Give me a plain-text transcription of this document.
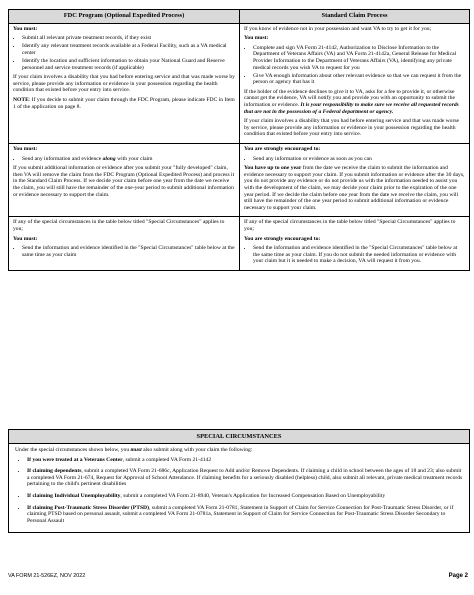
FDC Program (Optional Expedited Process)	Standard Claim Process

You must:

• Submit all relevant private treatment records, if they exist
• Identify any relevant treatment records available at a Federal Facility, such as a VA medical center
• Identify the location and sufficient information to obtain your National Guard and Reserve personnel and service treatment records (if applicable)

If your claim involves a disability that you had before entering service and that was made worse by service, please provide any information or evidence in your possession regarding the health condition that existed before your entry into service.

NOTE: If you decide to submit your claim through the FDC Program, please indicate FDC in Item 1 of the application on page 8.

If you know of evidence not in your possession and want VA to try to get it for you;

You must:

• Complete and sign VA Form 21-4142, Authorization to Disclose Information to the Department of Veterans Affairs (VA) and VA Form 21-4142a, General Release for Medical Provider Information to the Department of Veterans Affairs (VA), identifying any private medical records you wish VA to request for you
• Give VA enough information about other relevant evidence so that we can request it from the person or agency that has it

If the holder of the evidence declines to give it to VA, asks for a fee to provide it, or otherwise cannot get the evidence, VA will notify you and provide you with an opportunity to submit the information or evidence. It is your responsibility to make sure we receive all requested records that are not in the possession of a Federal department or agency.

If your claim involves a disability that you had before entering service and that was made worse by service, please provide any information or evidence in your possession regarding the health condition that existed before your entry into service.

You must:

• Send any information and evidence along with your claim

If you submit additional information or evidence after you submit your "fully developed" claim, then VA will remove the claim from the FDC Program (Optional Expedited Process) and process it in the Standard Claim Process. If we decide your claim before one year from the date we receive the claim, you will still have the remainder of the one-year period to submit additional information or evidence necessary to support the claim.

You are strongly encouraged to:

• Send any information or evidence as soon as you can

You have up to one year from the date we receive the claim to submit the information and evidence necessary to support your claim. If you submit information or evidence after the 30 days, you do not provide any evidence or do not provide us with the information needed to assist you with the development of the claim, we may decide your claim prior to the expiration of the one year period. If we decide the claim before one year from the date we receive the claim, you will still have the remainder of the one year period to submit additional information or evidence necessary to support your claim.

If any of the special circumstances in the table below titled "Special Circumstances" applies to you;

You must:

• Send the information and evidence identified in the "Special Circumstances" table below at the same time as your claim

If any of the special circumstances in the table below titled "Special Circumstances" applies to you;

You are strongly encouraged to:

• Send the information and evidence identified in the "Special Circumstances" table below at the same time as your claim. If you do not submit the needed information or evidence with your claim but it is needed to make a decision, VA will request it from you.
SPECIAL CIRCUMSTANCES

Under the special circumstances shown below, you must also submit along with your claim the following:

• If you were treated at a Veterans Center, submit a completed VA Form 21-4142
• If claiming dependents, submit a completed VA Form 21-686c, Application Request to Add and/or Remove Dependents. If claiming a child in school between the ages of 18 and 23; also submit a completed VA Form 21-674, Request for Approval of School Attendance. If claiming benefits for a seriously disabled (helpless) child, also submit all relevant, private medical treatment records pertaining to the child's pertinent disabilities
• If claiming Individual Unemployability, submit a completed VA Form 21-8940, Veteran's Application for Increased Compensation Based on Unemployability
• If claiming Post-Traumatic Stress Disorder (PTSD), submit a completed VA Form 21-0781, Statement in Support of Claim for Service Connection for Post-Traumatic Stress Disorder, or if claiming PTSD based on personal assault, submit a completed VA Form 21-0781a, Statement in Support of Claim for Service Connection for Post-Traumatic Stress Disorder Secondary to Personal Assault
VA FORM 21-526EZ, NOV 2022	Page 2
